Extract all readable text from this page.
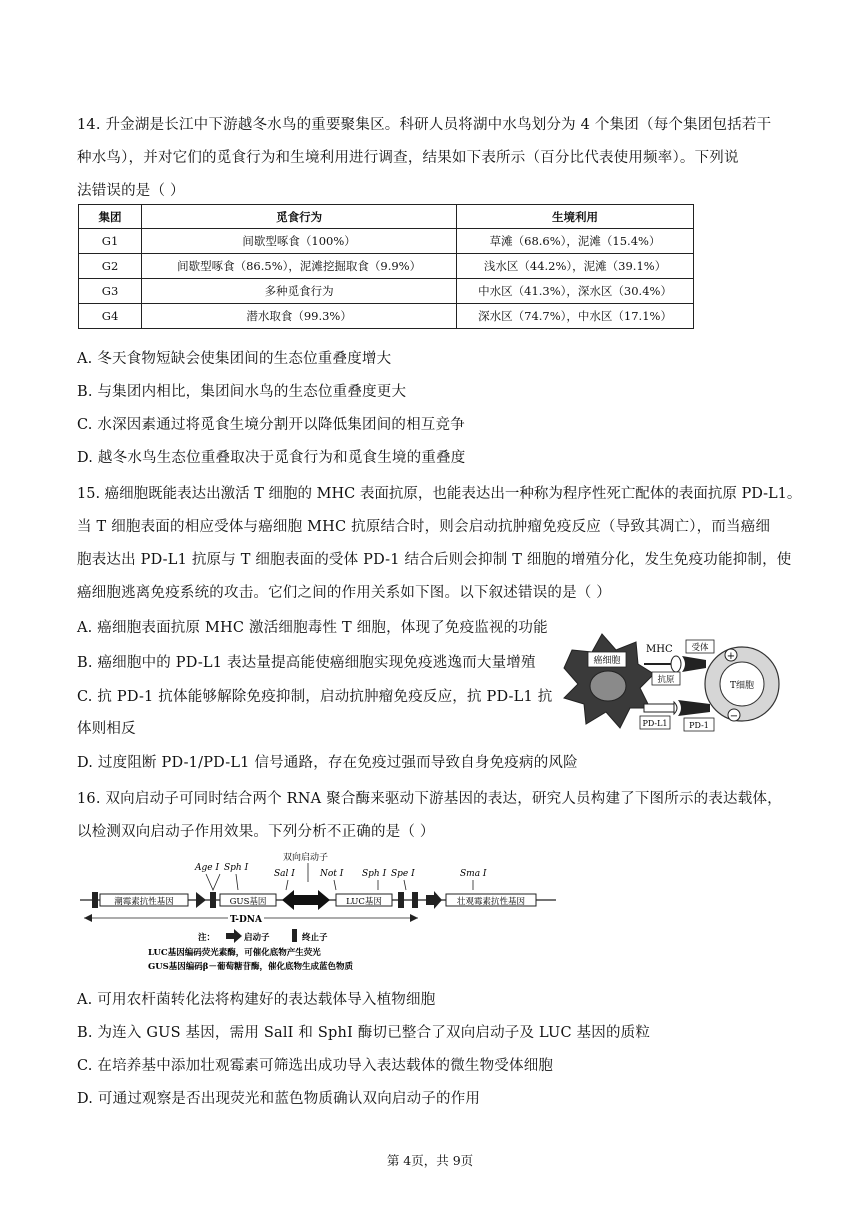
14. 升金湖是长江中下游越冬水鸟的重要聚集区。科研人员将湖中水鸟划分为 4 个集团（每个集团包括若干
种水鸟），并对它们的觅食行为和生境利用进行调查，结果如下表所示（百分比代表使用频率）。下列说
法错误的是（ ）
集团	觅食行为	生境利用
G1	间歇型啄食（100%）	草滩（68.6%），泥滩（15.4%）
G2	间歇型啄食（86.5%），泥滩挖掘取食（9.9%）	浅水区（44.2%），泥滩（39.1%）
G3	多种觅食行为	中水区（41.3%），深水区（30.4%）
G4	潜水取食（99.3%）	深水区（74.7%），中水区（17.1%）
A. 冬天食物短缺会使集团间的生态位重叠度增大
B. 与集团内相比，集团间水鸟的生态位重叠度更大
C. 水深因素通过将觅食生境分割开以降低集团间的相互竞争
D. 越冬水鸟生态位重叠取决于觅食行为和觅食生境的重叠度
15. 癌细胞既能表达出激活 T 细胞的 MHC 表面抗原，也能表达出一种称为程序性死亡配体的表面抗原 PD-L1。
当 T 细胞表面的相应受体与癌细胞 MHC 抗原结合时，则会启动抗肿瘤免疫反应（导致其凋亡），而当癌细
胞表达出 PD-L1 抗原与 T 细胞表面的受体 PD-1 结合后则会抑制 T 细胞的增殖分化，发生免疫功能抑制，使
癌细胞逃离免疫系统的攻击。它们之间的作用关系如下图。以下叙述错误的是（ ）
A. 癌细胞表面抗原 MHC 激活细胞毒性 T 细胞，体现了免疫监视的功能
B. 癌细胞中的 PD-L1 表达量提高能使癌细胞实现免疫逃逸而大量增殖
C. 抗 PD-1 抗体能够解除免疫抑制，启动抗肿瘤免疫反应，抗 PD-L1 抗
体则相反
D. 过度阻断 PD-1/PD-L1 信号通路，存在免疫过强而导致自身免疫病的风险
癌细胞
T细胞
+
−
MHC 受体
抗原
PD-L1	PD-1
16. 双向启动子可同时结合两个 RNA 聚合酶来驱动下游基因的表达，研究人员构建了下图所示的表达载体，
以检测双向启动子作用效果。下列分析不正确的是（ ）
双向启动子
Age Ⅰ Sph Ⅰ
Sal Ⅰ	Not Ⅰ Sph Ⅰ Spe Ⅰ	Sma Ⅰ
潮霉素抗性基因	GUS基因	LUC基因	壮观霉素抗性基因
T-DNA
注：	启动子	终止子
LUC基因编码荧光素酶，可催化底物产生荧光
GUS基因编码β－葡萄糖苷酶，催化底物生成蓝色物质
A. 可用农杆菌转化法将构建好的表达载体导入植物细胞
B. 为连入 GUS 基因，需用 SalI 和 SphI 酶切已整合了双向启动子及 LUC 基因的质粒
C. 在培养基中添加壮观霉素可筛选出成功导入表达载体的微生物受体细胞
D. 可通过观察是否出现荧光和蓝色物质确认双向启动子的作用
第 4页，共 9页
